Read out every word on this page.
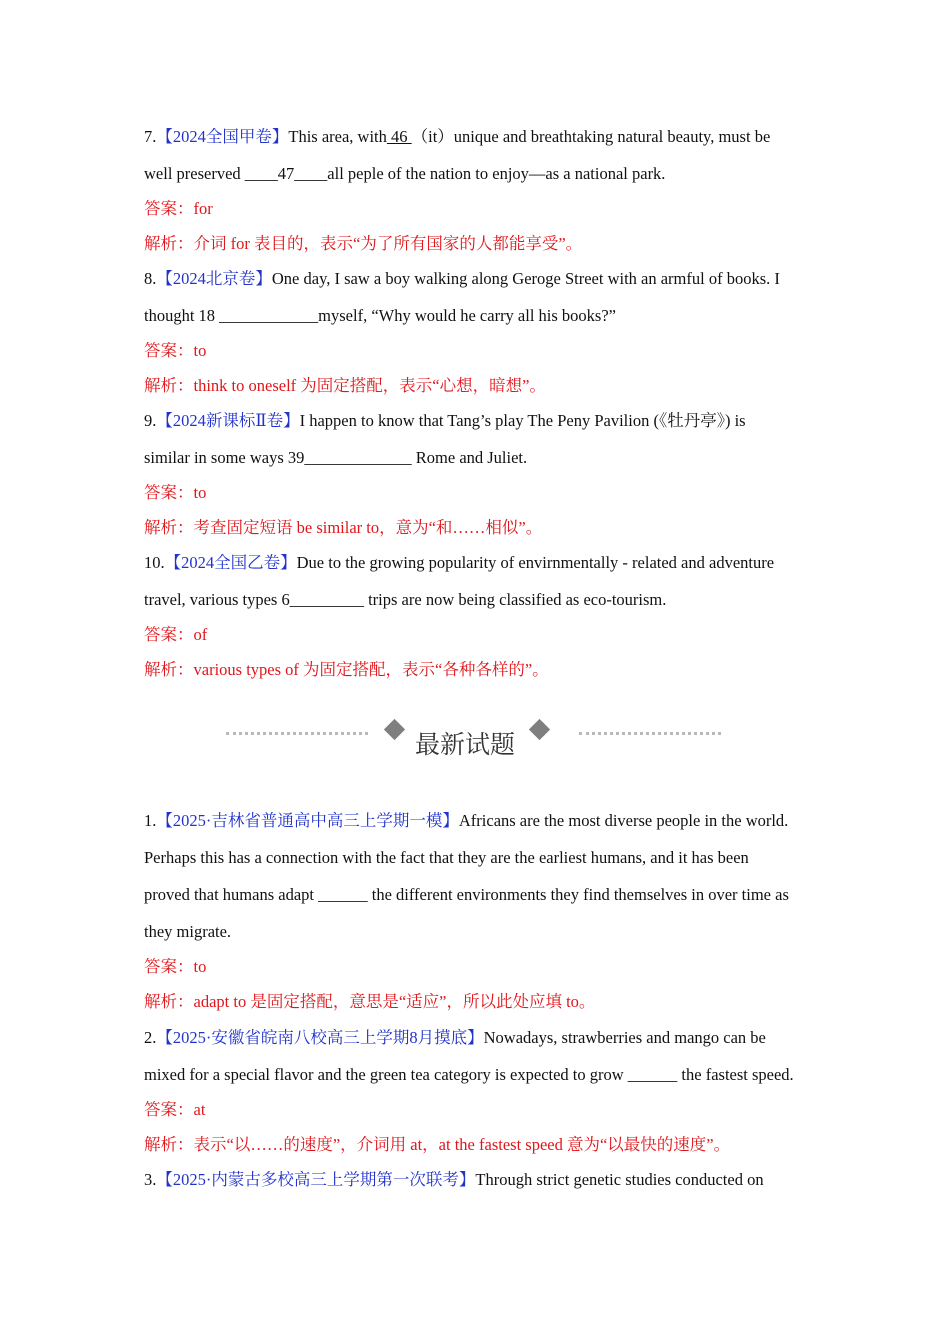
7.【2024全国甲卷】This area, with 46 （it）unique and breathtaking natural beauty, must be
well preserved ____47____all peple of the nation to enjoy—as a national park.
答案：for
解析：介词 for 表目的，表示“为了所有国家的人都能享受”。
8.【2024北京卷】One day, I saw a boy walking along Geroge Street with an armful of books. I
thought 18 ____________myself, “Why would he carry all his books?”
答案：to
解析：think to oneself 为固定搭配，表示“心想，暗想”。
9.【2024新课标Ⅱ卷】I happen to know that Tang’s play The Peny Pavilion (《牡丹亭》) is
similar in some ways 39_____________ Rome and Juliet.
答案：to
解析：考查固定短语 be similar to，意为“和……相似”。
10.【2024全国乙卷】Due to the growing popularity of envirnmentally - related and adventure
travel, various types 6_________ trips are now being classified as eco-tourism.
答案：of
解析：various types of 为固定搭配，表示“各种各样的”。
最新试题
1.【2025·吉林省普通高中高三上学期一模】Africans are the most diverse people in the world.
Perhaps this has a connection with the fact that they are the earliest humans, and it has been
proved that humans adapt ______ the different environments they find themselves in over time as
they migrate.
答案：to
解析：adapt to 是固定搭配，意思是“适应”，所以此处应填 to。
2.【2025·安徽省皖南八校高三上学期8月摸底】Nowadays, strawberries and mango can be
mixed for a special flavor and the green tea category is expected to grow ______ the fastest speed.
答案：at
解析：表示“以……的速度”，介词用 at，at the fastest speed 意为“以最快的速度”。
3.【2025·内蒙古多校高三上学期第一次联考】Through strict genetic studies conducted on
